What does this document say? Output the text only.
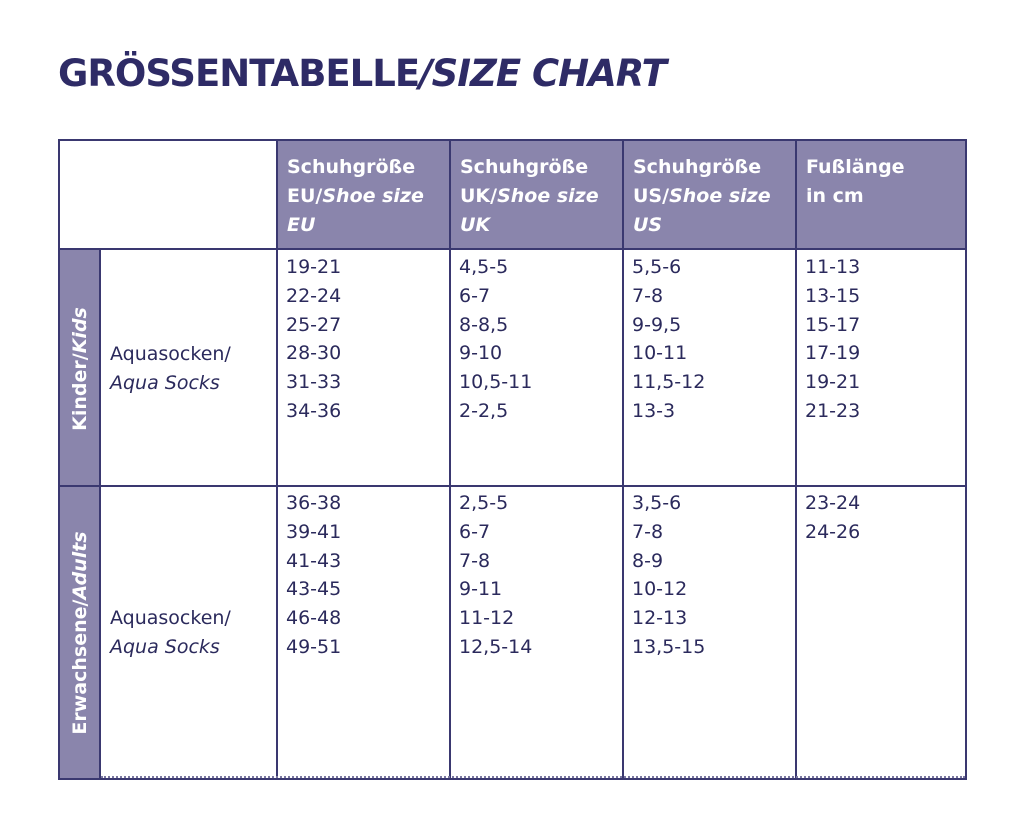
GRÖSSENTABELLE/SIZE CHART
Schuhgröße
EU/Shoe size
EU
Schuhgröße
UK/Shoe size
UK
Schuhgröße
US/Shoe size
US
Fußlänge
in cm
Kinder/Kids
Erwachsene/Adults
Aquasocken/
Aqua Socks
Aquasocken/
Aqua Socks
19-21
22-24
25-27
28-30
31-33
34-36
4,5-5
6-7
8-8,5
9-10
10,5-11
2-2,5
5,5-6
7-8
9-9,5
10-11
11,5-12
13-3
11-13
13-15
15-17
17-19
19-21
21-23
36-38
39-41
41-43
43-45
46-48
49-51
2,5-5
6-7
7-8
9-11
11-12
12,5-14
3,5-6
7-8
8-9
10-12
12-13
13,5-15
23-24
24-26
